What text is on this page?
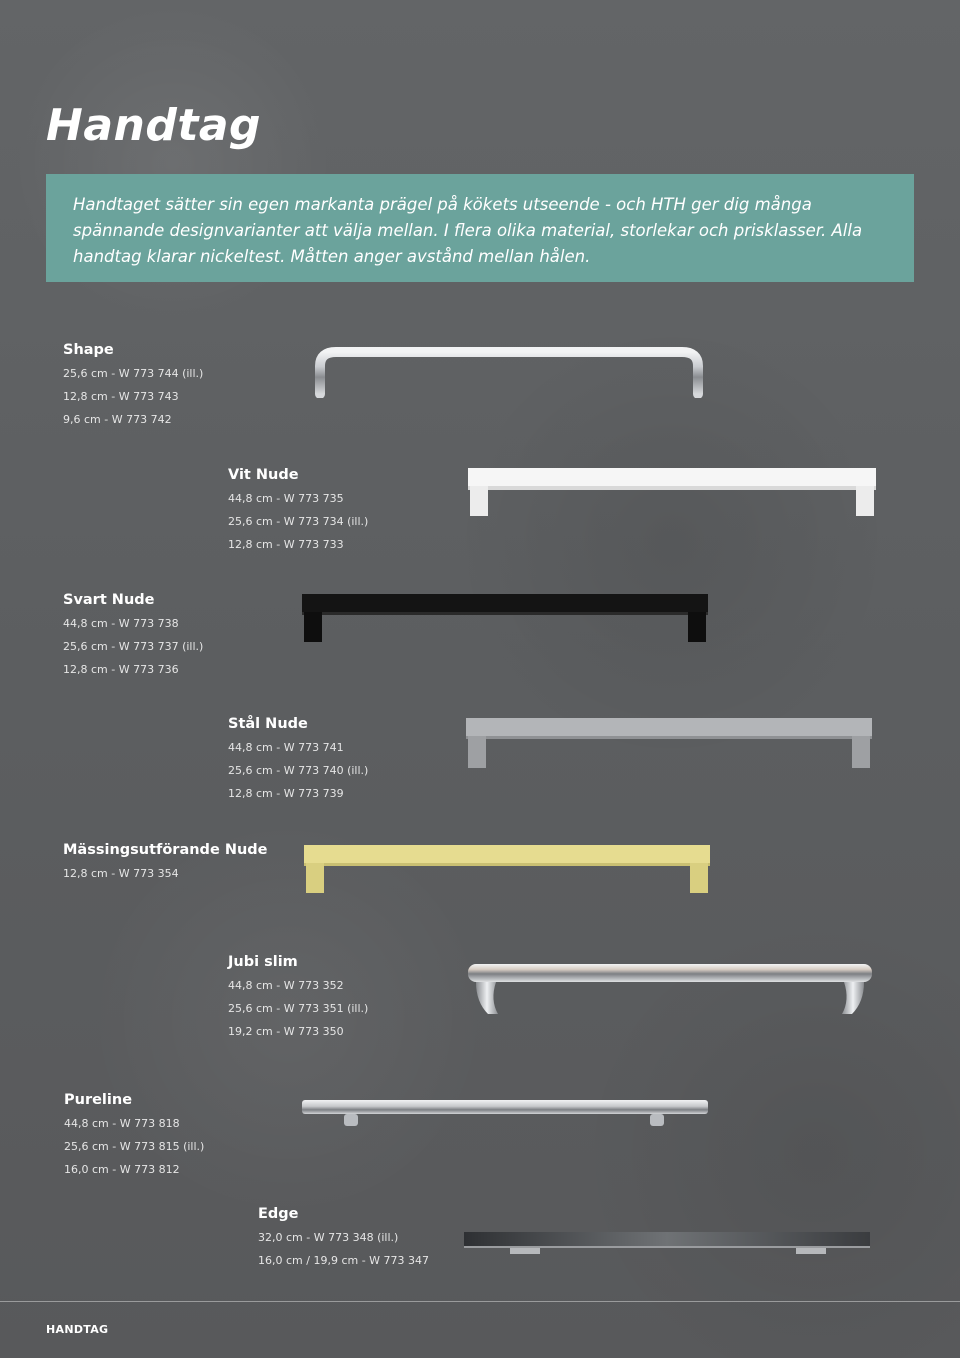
Handtag

Handtaget sätter sin egen markanta prägel på kökets utseende - och HTH ger dig många spännande designvarianter att välja mellan. I flera olika material, storlekar och prisklasser. Alla handtag klarar nickeltest. Måtten anger avstånd mellan hålen.

Shape
25,6 cm - W 773 744 (ill.)
12,8 cm - W 773 743
9,6 cm - W 773 742
Vit Nude
44,8 cm - W 773 735
25,6 cm - W 773 734 (ill.)
12,8 cm - W 773 733
Svart Nude
44,8 cm - W 773 738
25,6 cm - W 773 737 (ill.)
12,8 cm - W 773 736
Stål Nude
44,8 cm - W 773 741
25,6 cm - W 773 740 (ill.)
12,8 cm - W 773 739
Mässingsutförande Nude
12,8 cm - W 773 354
Jubi slim
44,8 cm - W 773 352
25,6 cm - W 773 351 (ill.)
19,2 cm - W 773 350
Pureline
44,8 cm - W 773 818
25,6 cm - W 773 815 (ill.)
16,0 cm - W 773 812
Edge
32,0 cm - W 773 348 (ill.)
16,0 cm / 19,9 cm - W 773 347
HANDTAG
